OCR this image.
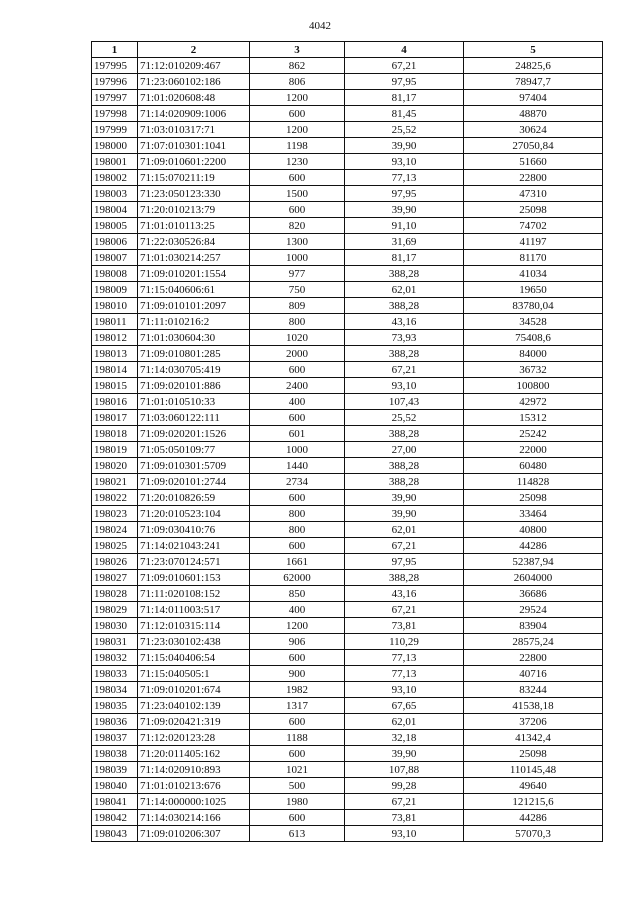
4042
1	2	3	4	5
197995	71:12:010209:467	862	67,21	24825,6
197996	71:23:060102:186	806	97,95	78947,7
197997	71:01:020608:48	1200	81,17	97404
197998	71:14:020909:1006	600	81,45	48870
197999	71:03:010317:71	1200	25,52	30624
198000	71:07:010301:1041	1198	39,90	27050,84
198001	71:09:010601:2200	1230	93,10	51660
198002	71:15:070211:19	600	77,13	22800
198003	71:23:050123:330	1500	97,95	47310
198004	71:20:010213:79	600	39,90	25098
198005	71:01:010113:25	820	91,10	74702
198006	71:22:030526:84	1300	31,69	41197
198007	71:01:030214:257	1000	81,17	81170
198008	71:09:010201:1554	977	388,28	41034
198009	71:15:040606:61	750	62,01	19650
198010	71:09:010101:2097	809	388,28	83780,04
198011	71:11:010216:2	800	43,16	34528
198012	71:01:030604:30	1020	73,93	75408,6
198013	71:09:010801:285	2000	388,28	84000
198014	71:14:030705:419	600	67,21	36732
198015	71:09:020101:886	2400	93,10	100800
198016	71:01:010510:33	400	107,43	42972
198017	71:03:060122:111	600	25,52	15312
198018	71:09:020201:1526	601	388,28	25242
198019	71:05:050109:77	1000	27,00	22000
198020	71:09:010301:5709	1440	388,28	60480
198021	71:09:020101:2744	2734	388,28	114828
198022	71:20:010826:59	600	39,90	25098
198023	71:20:010523:104	800	39,90	33464
198024	71:09:030410:76	800	62,01	40800
198025	71:14:021043:241	600	67,21	44286
198026	71:23:070124:571	1661	97,95	52387,94
198027	71:09:010601:153	62000	388,28	2604000
198028	71:11:020108:152	850	43,16	36686
198029	71:14:011003:517	400	67,21	29524
198030	71:12:010315:114	1200	73,81	83904
198031	71:23:030102:438	906	110,29	28575,24
198032	71:15:040406:54	600	77,13	22800
198033	71:15:040505:1	900	77,13	40716
198034	71:09:010201:674	1982	93,10	83244
198035	71:23:040102:139	1317	67,65	41538,18
198036	71:09:020421:319	600	62,01	37206
198037	71:12:020123:28	1188	32,18	41342,4
198038	71:20:011405:162	600	39,90	25098
198039	71:14:020910:893	1021	107,88	110145,48
198040	71:01:010213:676	500	99,28	49640
198041	71:14:000000:1025	1980	67,21	121215,6
198042	71:14:030214:166	600	73,81	44286
198043	71:09:010206:307	613	93,10	57070,3
